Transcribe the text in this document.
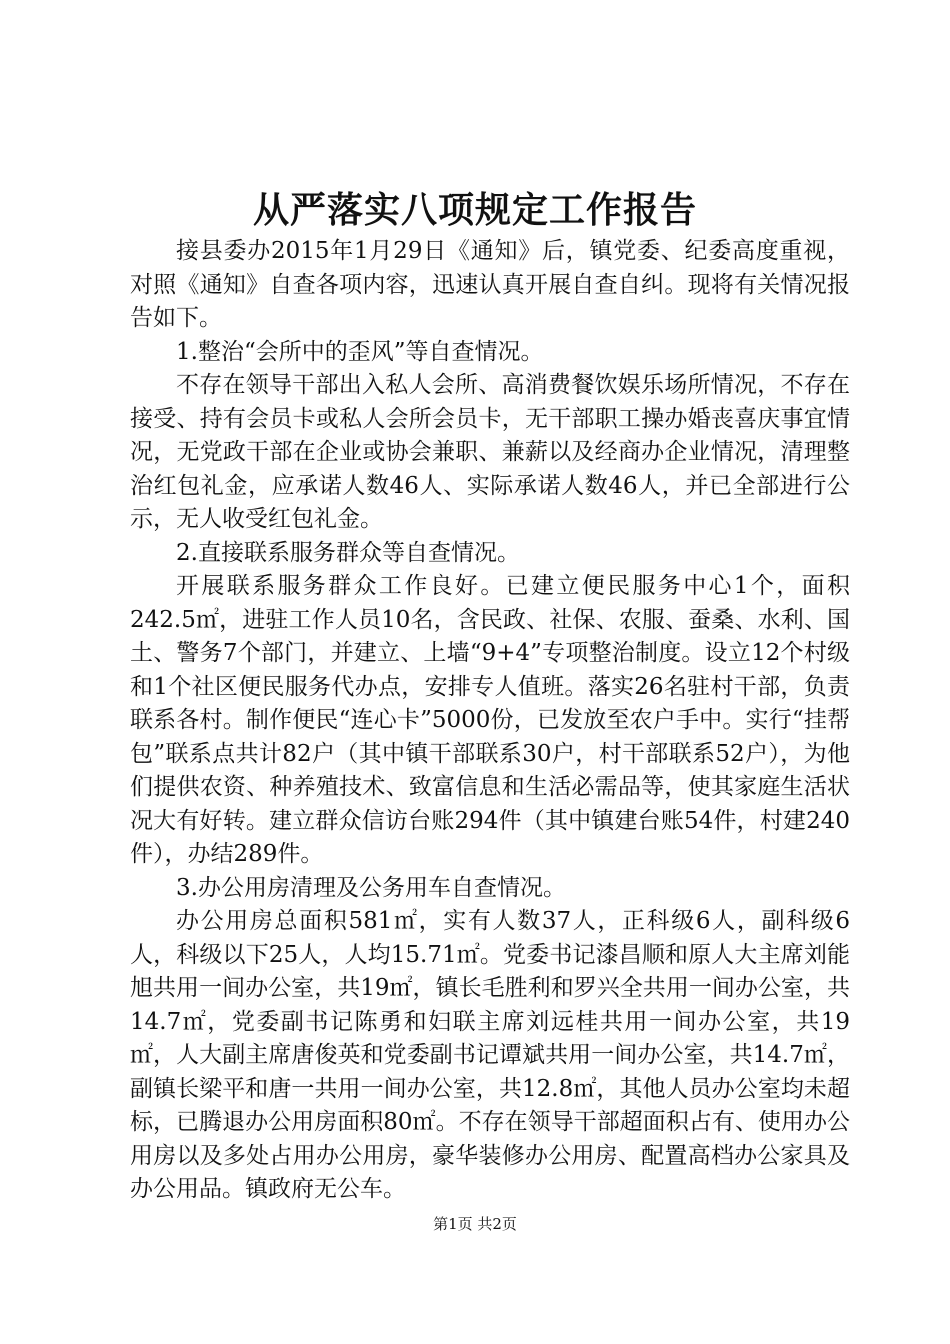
从严落实八项规定工作报告

接县委办2015年1月29日《通知》后，镇党委、纪委高度重视，对照《通知》自查各项内容，迅速认真开展自查自纠。现将有关情况报告如下。

1.整治“会所中的歪风”等自查情况。

不存在领导干部出入私人会所、高消费餐饮娱乐场所情况，不存在接受、持有会员卡或私人会所会员卡，无干部职工操办婚丧喜庆事宜情况，无党政干部在企业或协会兼职、兼薪以及经商办企业情况，清理整治红包礼金，应承诺人数46人、实际承诺人数46人，并已全部进行公示，无人收受红包礼金。

2.直接联系服务群众等自查情况。

开展联系服务群众工作良好。已建立便民服务中心1个，面积242.5㎡，进驻工作人员10名，含民政、社保、农服、蚕桑、水利、国土、警务7个部门，并建立、上墙“9+4”专项整治制度。设立12个村级和1个社区便民服务代办点，安排专人值班。落实26名驻村干部，负责联系各村。制作便民“连心卡”5000份，已发放至农户手中。实行“挂帮包”联系点共计82户（其中镇干部联系30户，村干部联系52户），为他们提供农资、种养殖技术、致富信息和生活必需品等，使其家庭生活状况大有好转。建立群众信访台账294件（其中镇建台账54件，村建240件），办结289件。

3.办公用房清理及公务用车自查情况。

办公用房总面积581㎡，实有人数37人，正科级6人，副科级6人，科级以下25人，人均15.71㎡。党委书记漆昌顺和原人大主席刘能旭共用一间办公室，共19㎡，镇长毛胜利和罗兴全共用一间办公室，共14.7㎡，党委副书记陈勇和妇联主席刘远桂共用一间办公室，共19㎡，人大副主席唐俊英和党委副书记谭斌共用一间办公室，共14.7㎡，副镇长梁平和唐一共用一间办公室，共12.8㎡，其他人员办公室均未超标，已腾退办公用房面积80㎡。不存在领导干部超面积占有、使用办公用房以及多处占用办公用房，豪华装修办公用房、配置高档办公家具及办公用品。镇政府无公车。

第1页 共2页
